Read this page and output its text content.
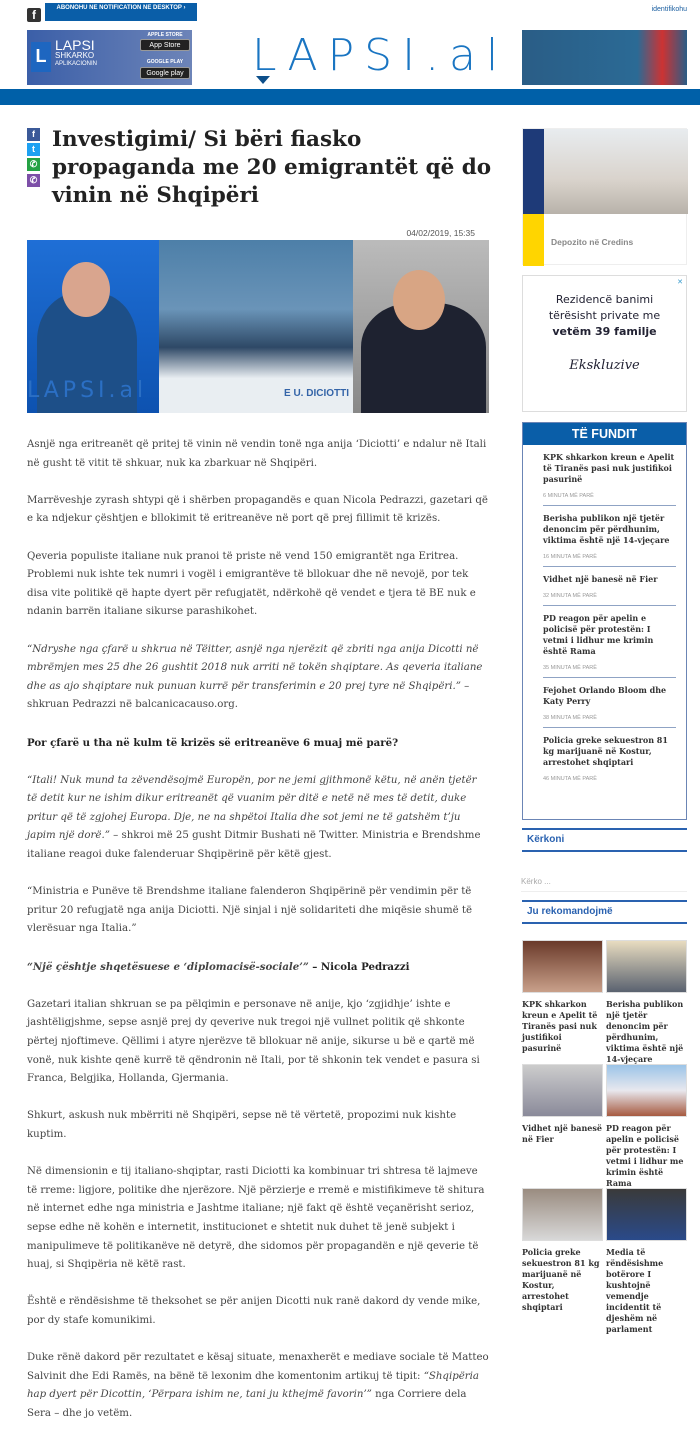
f	ABONOHU NE NOTIFICATION NE DESKTOP ›	identifikohu
L
LAPSI
SHKARKO
APLIKACIONIN
APPLE STORE
App Store
GOOGLE PLAY
Google play LAPSI.al
f
t
✆
✆
Investigimi/ Si bëri fiasko propaganda me 20 emigrantët që do vinin në Shqipëri
04/02/2019, 15:35
E U. DICIOTTI
LAPSI.al

Asnjë nga eritreanët që pritej të vinin në vendin tonë nga anija ‘Diciotti’ e ndalur në Itali në gusht të vitit të shkuar, nuk ka zbarkuar në Shqipëri.

Marrëveshje zyrash shtypi që i shërben propagandës e quan Nicola Pedrazzi, gazetari që e ka ndjekur çështjen e bllokimit të eritreanëve në port që prej fillimit të krizës.

Qeveria populiste italiane nuk pranoi të priste në vend 150 emigrantët nga Eritrea. Problemi nuk ishte tek numri i vogël i emigrantëve të bllokuar dhe në nevojë, por tek disa vite politikë që hapte dyert për refugjatët, ndërkohë që vendet e tjera të BE nuk e ndanin barrën italiane sikurse parashikohet.

“Ndryshe nga çfarë u shkrua në Tëitter, asnjë nga njerëzit që zbriti nga anija Dicotti në mbrëmjen mes 25 dhe 26 gushtit 2018 nuk arriti në tokën shqiptare. As qeveria italiane dhe as ajo shqiptare nuk punuan kurrë për transferimin e 20 prej tyre në Shqipëri.” – shkruan Pedrazzi në balcanicacauso.org.

Por çfarë u tha në kulm të krizës së eritreanëve 6 muaj më parë?

“Itali! Nuk mund ta zëvendësojmë Europën, por ne jemi gjithmonë këtu, në anën tjetër të detit kur ne ishim dikur eritreanët që vuanim për ditë e netë në mes të detit, duke pritur që të zgjohej Europa. Dje, ne na shpëtoi Italia dhe sot jemi ne të gatshëm t’ju japim një dorë.” – shkroi më 25 gusht Ditmir Bushati në Twitter. Ministria e Brendshme italiane reagoi duke falenderuar Shqipërinë për këtë gjest.

“Ministria e Punëve të Brendshme italiane falenderon Shqipërinë për vendimin për të pritur 20 refugjatë nga anija Diciotti. Një sinjal i një solidariteti dhe miqësie shumë të vlerësuar nga Italia.”

“Një çështje shqetësuese e ‘diplomacisë-sociale’” – Nicola Pedrazzi

Gazetari italian shkruan se pa pëlqimin e personave në anije, kjo ‘zgjidhje’ ishte e jashtëligjshme, sepse asnjë prej dy qeverive nuk tregoi një vullnet politik që shkonte përtej njoftimeve. Qëllimi i atyre njerëzve të bllokuar në anije, sikurse u bë e qartë më vonë, nuk kishte qenë kurrë të qëndronin në Itali, por të shkonin tek vendet e pasura si Franca, Belgjika, Hollanda, Gjermania.

Shkurt, askush nuk mbërriti në Shqipëri, sepse në të vërtetë, propozimi nuk kishte kuptim.

Në dimensionin e tij italiano-shqiptar, rasti Diciotti ka kombinuar tri shtresa të lajmeve të rreme: ligjore, politike dhe njerëzore. Një përzierje e rremë e mistifikimeve të shitura në internet edhe nga ministria e Jashtme italiane; një fakt që është veçanërisht serioz, sepse edhe në kohën e internetit, institucionet e shtetit nuk duhet të jenë subjekt i manipulimeve të politikanëve në detyrë, dhe sidomos për propagandën e një qeverie të huaj, si Shqipëria në këtë rast.

Është e rëndësishme të theksohet se për anijen Dicotti nuk ranë dakord dy vende mike, por dy stafe komunikimi.

Duke rënë dakord për rezultatet e kësaj situate, menaxherët e mediave sociale të Matteo Salvinit dhe Edi Ramës, na bënë të lexonim dhe komentonim artikuj të tipit: “Shqipëria hap dyert për Dicottin, ‘Përpara ishim ne, tani ju kthejmë favorin’” nga Corriere dela Sera – dhe jo vetëm.

Depozito në Credins
✕
Rezidencë banimi
tërësisht private me
vetëm 39 familje
Ekskluzive
TË FUNDIT
KPK shkarkon kreun e Apelit të Tiranës pasi nuk justifikoi pasurinë
6 MINUTA MË PARË
Berisha publikon një tjetër denoncim për përdhunim, viktima është një 14-vjeçare
16 MINUTA MË PARË
Vidhet një banesë në Fier
32 MINUTA MË PARË
PD reagon për apelin e policisë për protestën: I vetmi i lidhur me krimin është Rama
35 MINUTA MË PARË
Fejohet Orlando Bloom dhe Katy Perry
38 MINUTA MË PARË
Policia greke sekuestron 81 kg marijuanë në Kostur, arrestohet shqiptari
46 MINUTA MË PARË
Kërkoni
Kërko ...
Ju rekomandojmë
KPK shkarkon kreun e Apelit të Tiranës pasi nuk justifikoi pasurinë
Berisha publikon një tjetër denoncim për përdhunim, viktima është një 14-vjeçare
Vidhet një banesë në Fier
PD reagon për apelin e policisë për protestën: I vetmi i lidhur me krimin është Rama
Policia greke sekuestron 81 kg marijuanë në Kostur, arrestohet shqiptari
Media të rëndësishme botërore I kushtojnë vemendje incidentit të djeshëm në parlament
